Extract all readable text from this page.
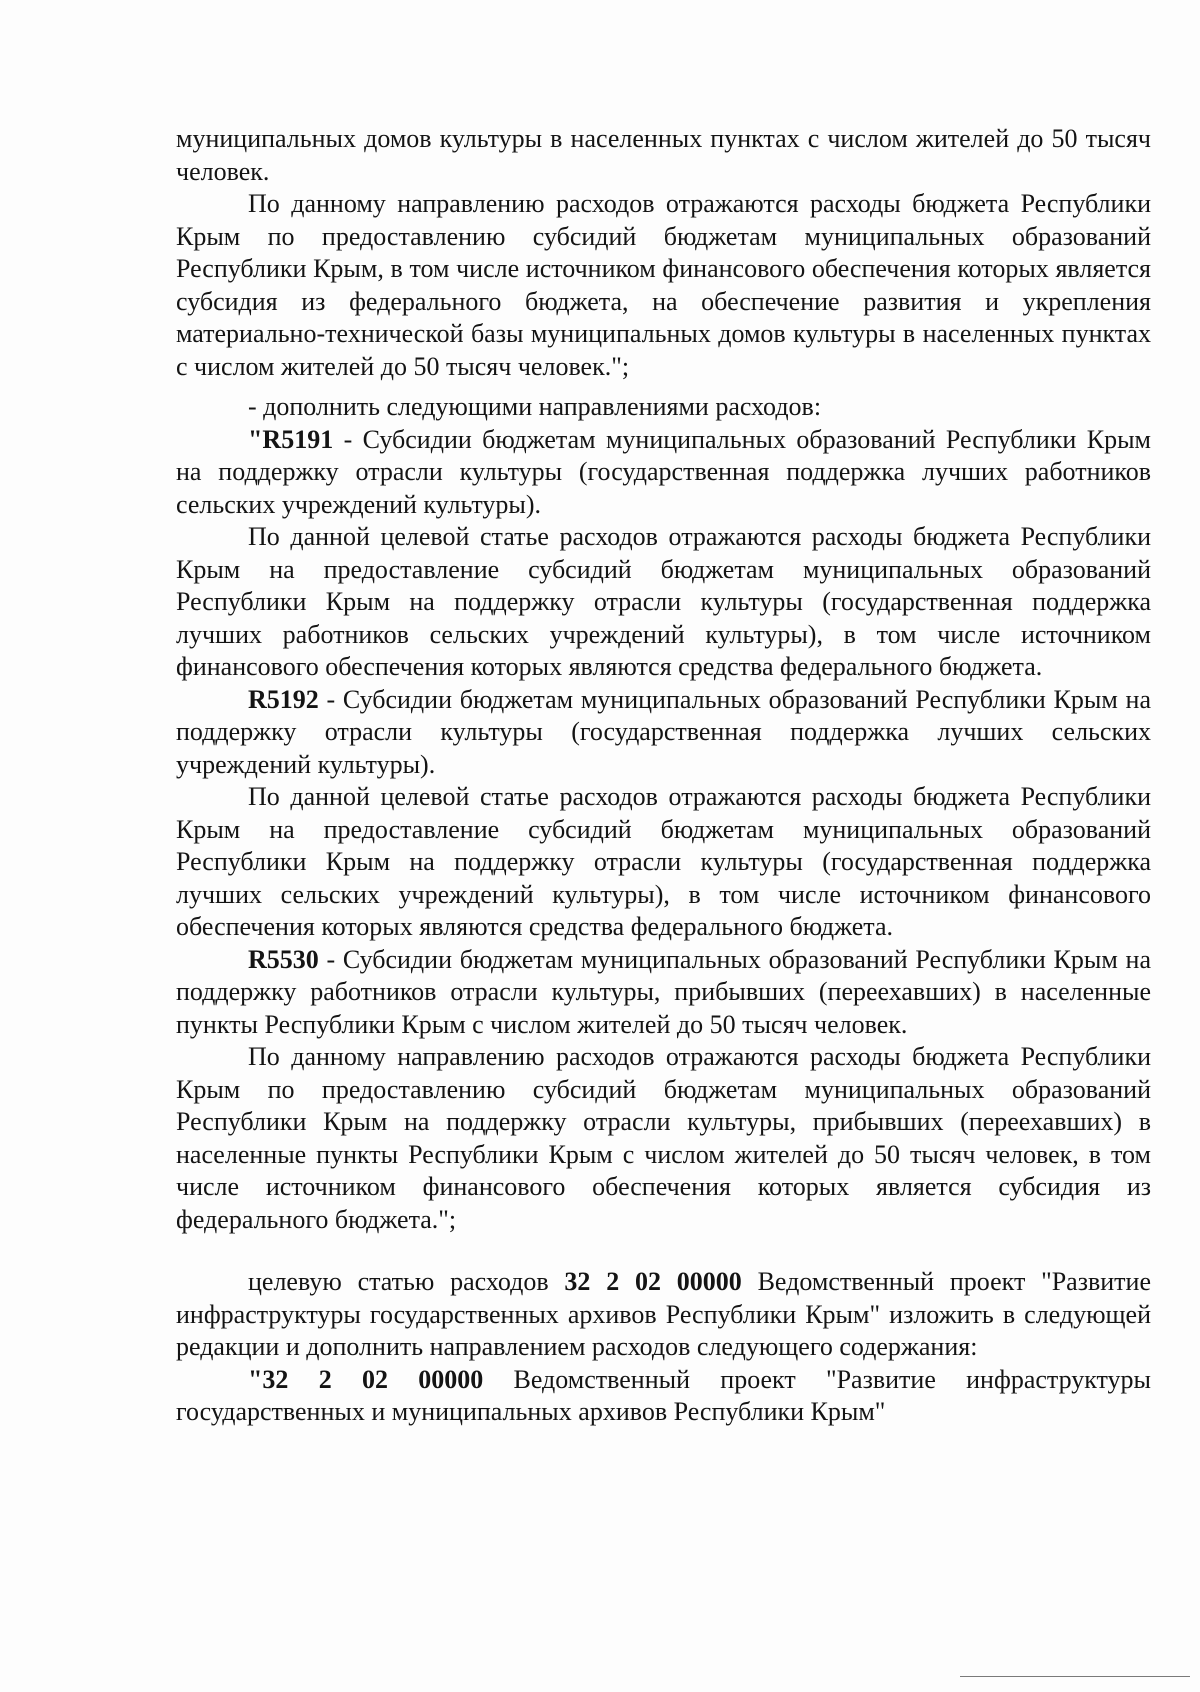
муниципальных домов культуры в населенных пунктах с числом жителей до 50 тысяч человек.

По данному направлению расходов отражаются расходы бюджета Республики Крым по предоставлению субсидий бюджетам муниципальных образований Республики Крым, в том числе источником финансового обеспечения которых является субсидия из федерального бюджета, на обеспечение развития и укрепления материально-технической базы муниципальных домов культуры в населенных пунктах с числом жителей до 50 тысяч человек.";

- дополнить следующими направлениями расходов:

"R5191 - Субсидии бюджетам муниципальных образований Республики Крым на поддержку отрасли культуры (государственная поддержка лучших работников сельских учреждений культуры).

По данной целевой статье расходов отражаются расходы бюджета Республики Крым на предоставление субсидий бюджетам муниципальных образований Республики Крым на поддержку отрасли культуры (государственная поддержка лучших работников сельских учреждений культуры), в том числе источником финансового обеспечения которых являются средства федерального бюджета.

R5192 - Субсидии бюджетам муниципальных образований Республики Крым на поддержку отрасли культуры (государственная поддержка лучших сельских учреждений культуры).

По данной целевой статье расходов отражаются расходы бюджета Республики Крым на предоставление субсидий бюджетам муниципальных образований Республики Крым на поддержку отрасли культуры (государственная поддержка лучших сельских учреждений культуры), в том числе источником финансового обеспечения которых являются средства федерального бюджета.

R5530 - Субсидии бюджетам муниципальных образований Республики Крым на поддержку работников отрасли культуры, прибывших (переехавших) в населенные пункты Республики Крым с числом жителей до 50 тысяч человек.

По данному направлению расходов отражаются расходы бюджета Республики Крым по предоставлению субсидий бюджетам муниципальных образований Республики Крым на поддержку отрасли культуры, прибывших (переехавших) в населенные пункты Республики Крым с числом жителей до 50 тысяч человек, в том числе источником финансового обеспечения которых является субсидия из федерального бюджета.";

целевую статью расходов 32 2 02 00000 Ведомственный проект "Развитие инфраструктуры государственных архивов Республики Крым" изложить в следующей редакции и дополнить направлением расходов следующего содержания:

"32 2 02 00000 Ведомственный проект "Развитие инфраструктуры государственных и муниципальных архивов Республики Крым"
